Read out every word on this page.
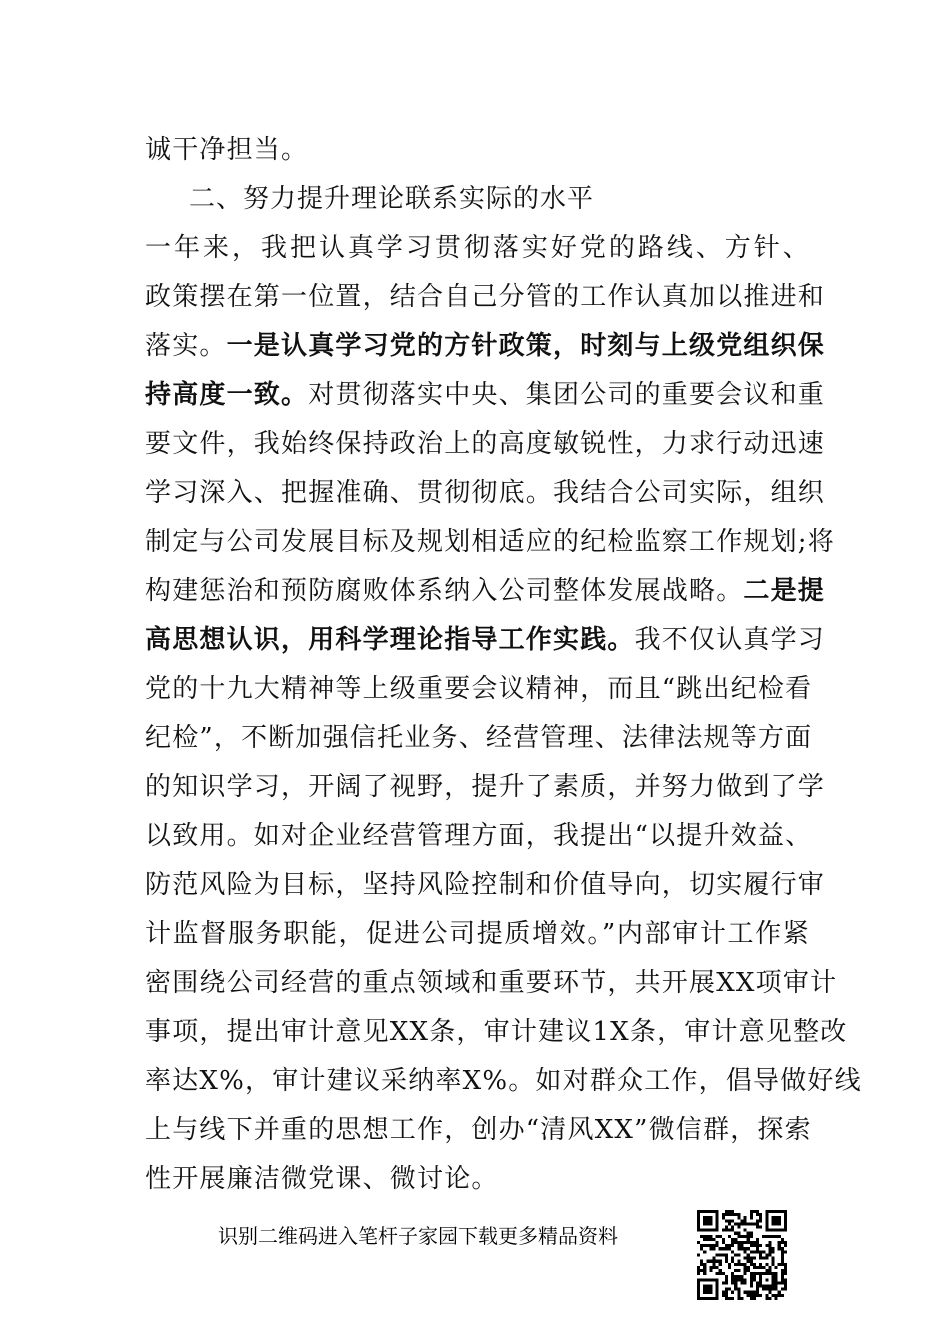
诚干净担当。
二、努力提升理论联系实际的水平
一年来，我把认真学习贯彻落实好党的路线、方针、
政策摆在第一位置，结合自己分管的工作认真加以推进和
落实。一是认真学习党的方针政策，时刻与上级党组织保
持高度一致。对贯彻落实中央、集团公司的重要会议和重
要文件，我始终保持政治上的高度敏锐性，力求行动迅速
学习深入、把握准确、贯彻彻底。我结合公司实际，组织
制定与公司发展目标及规划相适应的纪检监察工作规划;将
构建惩治和预防腐败体系纳入公司整体发展战略。二是提
高思想认识，用科学理论指导工作实践。我不仅认真学习
党的十九大精神等上级重要会议精神，而且“跳出纪检看
纪检”，不断加强信托业务、经营管理、法律法规等方面
的知识学习，开阔了视野，提升了素质，并努力做到了学
以致用。如对企业经营管理方面，我提出“以提升效益、
防范风险为目标，坚持风险控制和价值导向，切实履行审
计监督服务职能，促进公司提质增效。”内部审计工作紧
密围绕公司经营的重点领域和重要环节，共开展XX项审计
事项，提出审计意见XX条，审计建议1X条，审计意见整改
率达X%，审计建议采纳率X%。如对群众工作，倡导做好线
上与线下并重的思想工作，创办“清风XX”微信群，探索
性开展廉洁微党课、微讨论。
识别二维码进入笔杆子家园下载更多精品资料
